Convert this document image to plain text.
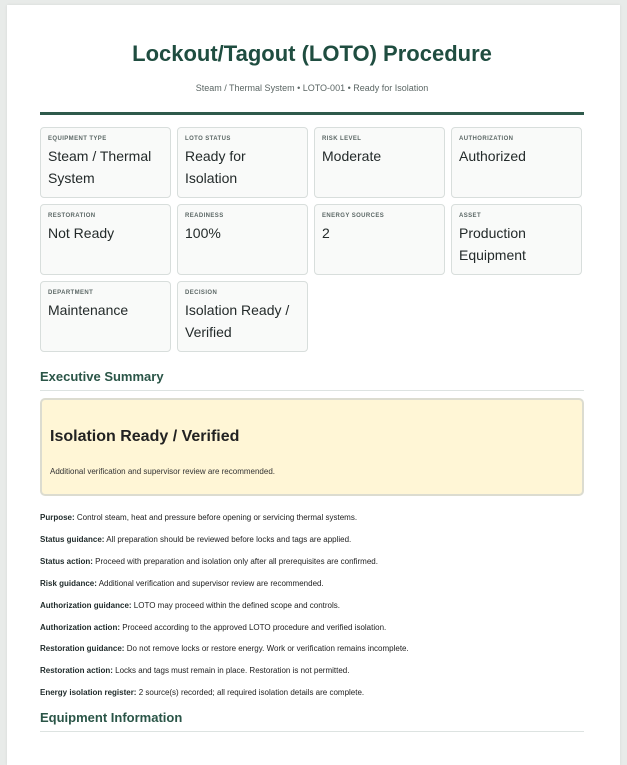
Lockout/Tagout (LOTO) Procedure
Steam / Thermal System • LOTO-001 • Ready for Isolation
EQUIPMENT TYPE
Steam / Thermal System
LOTO STATUS
Ready for Isolation
RISK LEVEL
Moderate
AUTHORIZATION
Authorized
RESTORATION
Not Ready
READINESS
100%
ENERGY SOURCES
2
ASSET
Production Equipment
DEPARTMENT
Maintenance
DECISION
Isolation Ready / Verified
Executive Summary
Isolation Ready / Verified
Additional verification and supervisor review are recommended.
Purpose: Control steam, heat and pressure before opening or servicing thermal systems.
Status guidance: All preparation should be reviewed before locks and tags are applied.
Status action: Proceed with preparation and isolation only after all prerequisites are confirmed.
Risk guidance: Additional verification and supervisor review are recommended.
Authorization guidance: LOTO may proceed within the defined scope and controls.
Authorization action: Proceed according to the approved LOTO procedure and verified isolation.
Restoration guidance: Do not remove locks or restore energy. Work or verification remains incomplete.
Restoration action: Locks and tags must remain in place. Restoration is not permitted.
Energy isolation register: 2 source(s) recorded; all required isolation details are complete.
Equipment Information
